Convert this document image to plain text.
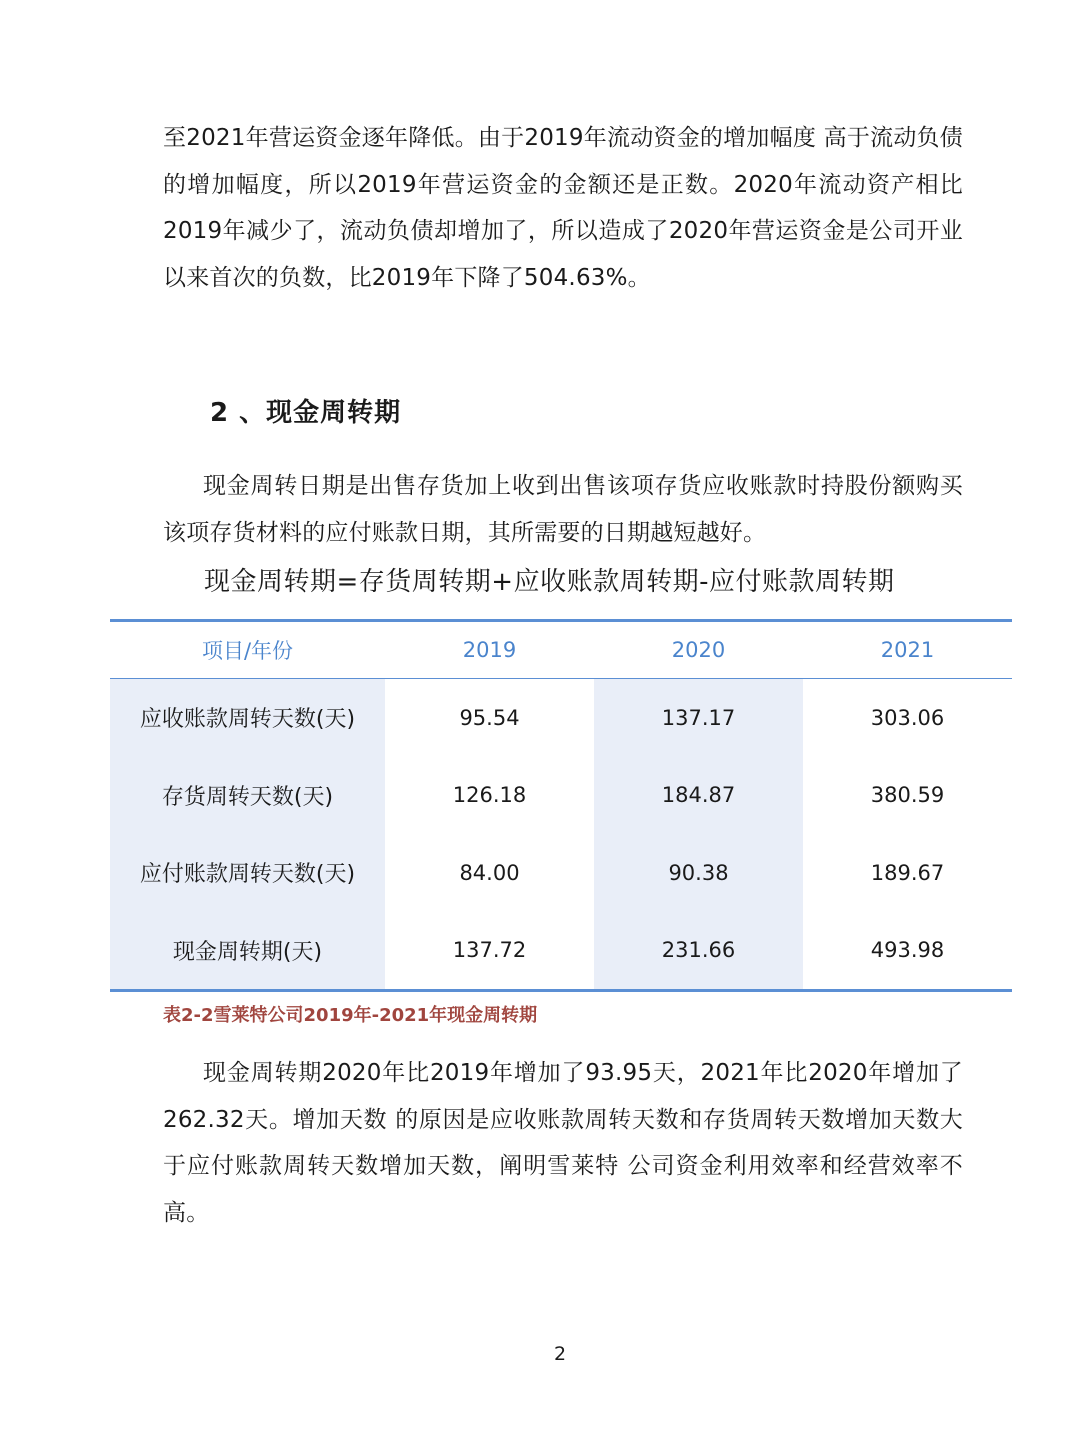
至2021年营运资金逐年降低。由于2019年流动资金的增加幅度 高于流动负债的增加幅度，所以2019年营运资金的金额还是正数。2020年流动资产相比2019年减少了，流动负债却增加了，所以造成了2020年营运资金是公司开业以来首次的负数，比2019年下降了504.63%。

2 、现金周转期

现金周转日期是出售存货加上收到出售该项存货应收账款时持股份额购买该项存货材料的应付账款日期，其所需要的日期越短越好。

现金周转期=存货周转期+应收账款周转期-应付账款周转期

项目/年份	2019	2020	2021
应收账款周转天数(天)	95.54	137.17	303.06
存货周转天数(天)	126.18	184.87	380.59
应付账款周转天数(天)	84.00	90.38	189.67
现金周转期(天)	137.72	231.66	493.98

表2-2雪莱特公司2019年-2021年现金周转期

现金周转期2020年比2019年增加了93.95天，2021年比2020年增加了262.32天。增加天数 的原因是应收账款周转天数和存货周转天数增加天数大于应付账款周转天数增加天数，阐明雪莱特 公司资金利用效率和经营效率不高。

2
